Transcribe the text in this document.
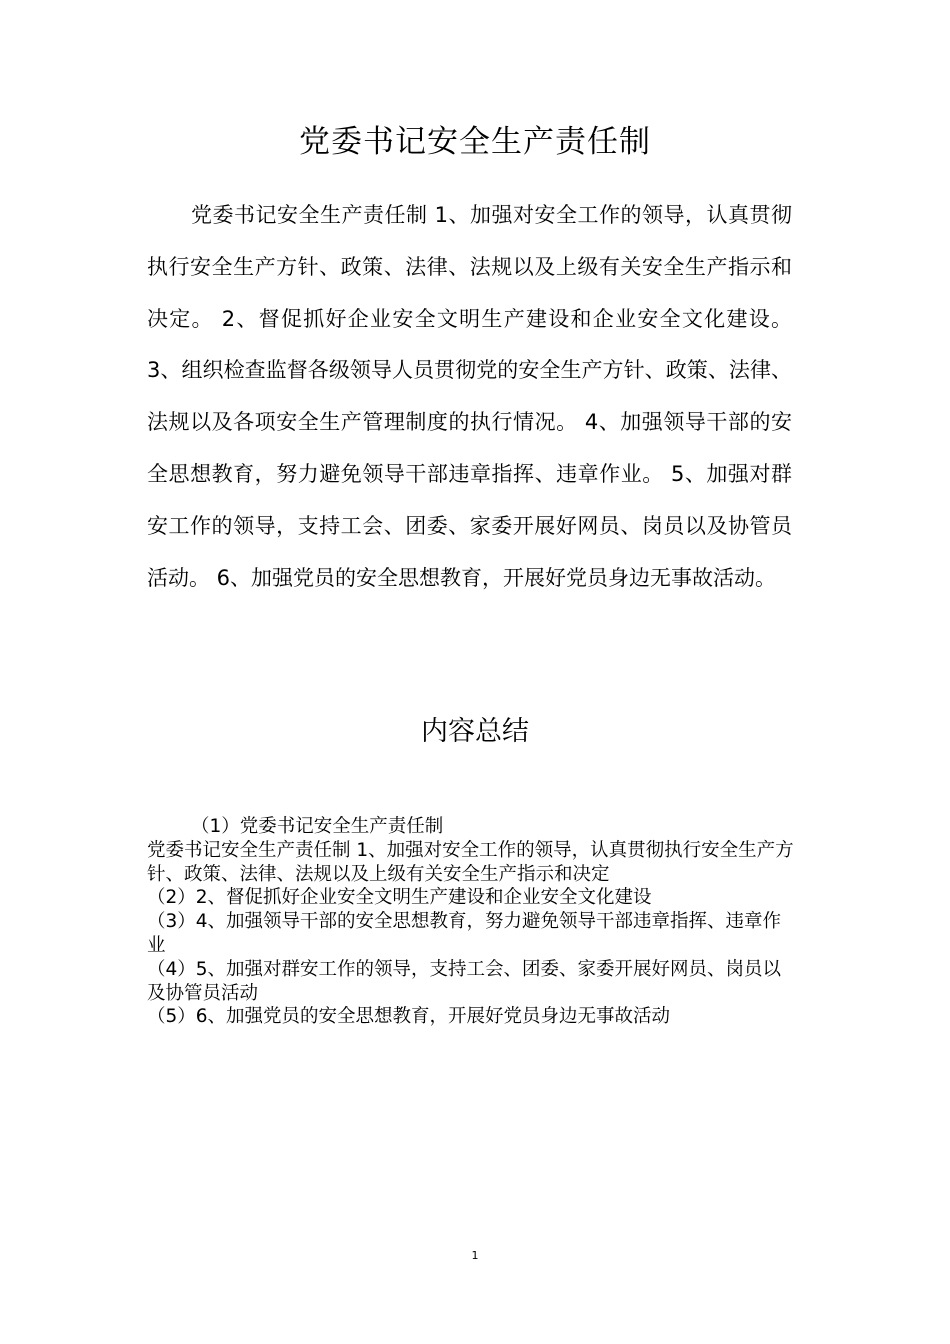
党委书记安全生产责任制

党委书记安全生产责任制 1、加强对安全工作的领导，认真贯彻执行安全生产方针、政策、法律、法规以及上级有关安全生产指示和决定。 2、督促抓好企业安全文明生产建设和企业安全文化建设。 3、组织检查监督各级领导人员贯彻党的安全生产方针、政策、法律、法规以及各项安全生产管理制度的执行情况。 4、加强领导干部的安全思想教育，努力避免领导干部违章指挥、违章作业。 5、加强对群安工作的领导，支持工会、团委、家委开展好网员、岗员以及协管员活动。 6、加强党员的安全思想教育，开展好党员身边无事故活动。

内容总结

（1）党委书记安全生产责任制

党委书记安全生产责任制 1、加强对安全工作的领导，认真贯彻执行安全生产方针、政策、法律、法规以及上级有关安全生产指示和决定

（2）2、督促抓好企业安全文明生产建设和企业安全文化建设

（3）4、加强领导干部的安全思想教育，努力避免领导干部违章指挥、违章作业

（4）5、加强对群安工作的领导，支持工会、团委、家委开展好网员、岗员以及协管员活动

（5）6、加强党员的安全思想教育，开展好党员身边无事故活动

1
